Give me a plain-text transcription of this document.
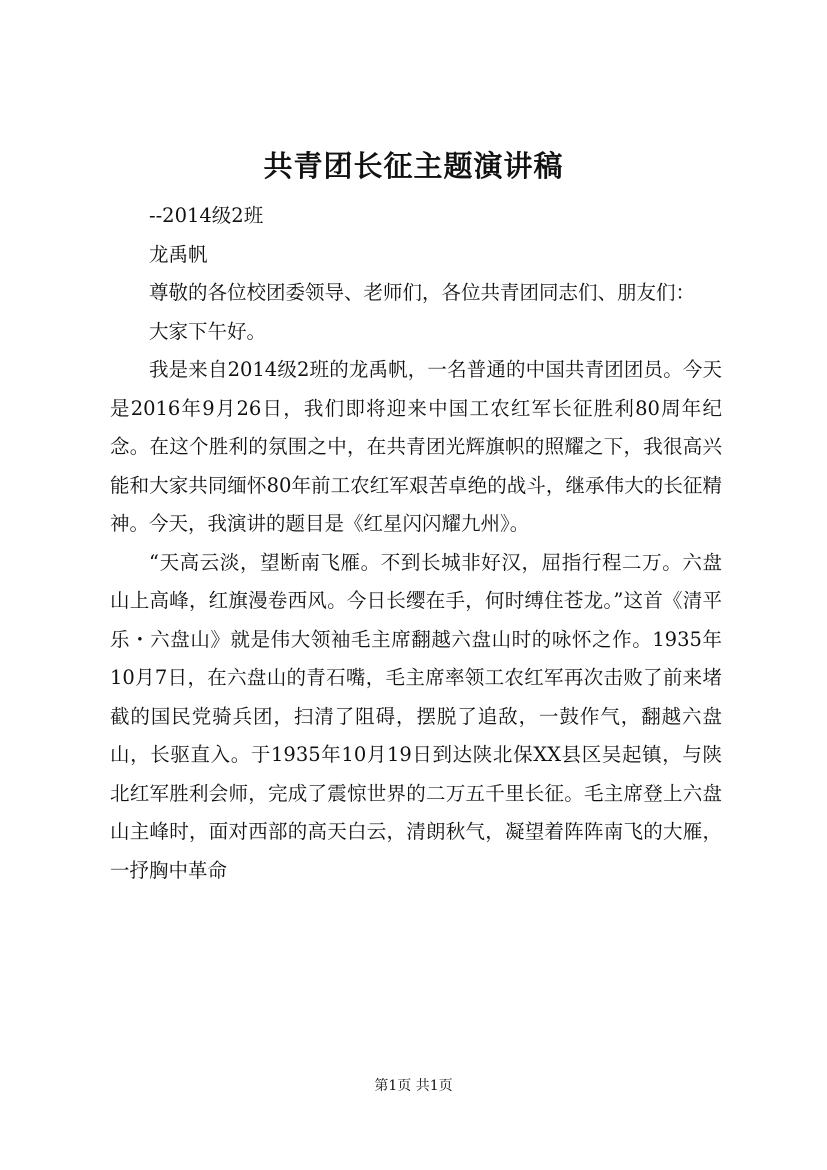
共青团长征主题演讲稿

--2014级2班

龙禹帆

尊敬的各位校团委领导、老师们，各位共青团同志们、朋友们：

大家下午好。

我是来自2014级2班的龙禹帆，一名普通的中国共青团团员。今天是2016年9月26日，我们即将迎来中国工农红军长征胜利80周年纪念。在这个胜利的氛围之中，在共青团光辉旗帜的照耀之下，我很高兴能和大家共同缅怀80年前工农红军艰苦卓绝的战斗，继承伟大的长征精神。今天，我演讲的题目是《红星闪闪耀九州》。

“天高云淡，望断南飞雁。不到长城非好汉，屈指行程二万。六盘山上高峰，红旗漫卷西风。今日长缨在手，何时缚住苍龙。”这首《清平乐・六盘山》就是伟大领袖毛主席翻越六盘山时的咏怀之作。1935年10月7日，在六盘山的青石嘴，毛主席率领工农红军再次击败了前来堵截的国民党骑兵团，扫清了阻碍，摆脱了追敌，一鼓作气，翻越六盘山，长驱直入。于1935年10月19日到达陕北保XX县区吴起镇，与陕北红军胜利会师，完成了震惊世界的二万五千里长征。毛主席登上六盘山主峰时，面对西部的高天白云，清朗秋气，凝望着阵阵南飞的大雁，一抒胸中革命

第1页 共1页
